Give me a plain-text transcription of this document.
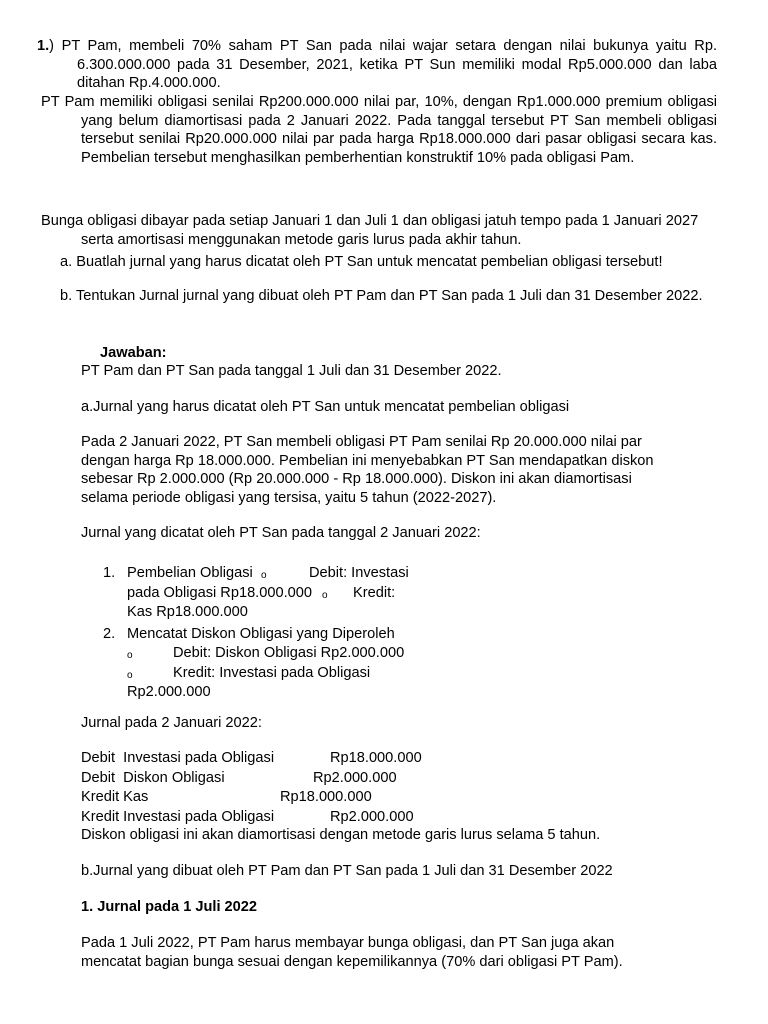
1.) PT Pam, membeli 70% saham PT San pada nilai wajar setara dengan nilai bukunya yaitu Rp. 6.300.000.000 pada 31 Desember, 2021, ketika PT Sun memiliki modal Rp5.000.000 dan laba ditahan Rp.4.000.000.

PT Pam memiliki obligasi senilai Rp200.000.000 nilai par, 10%, dengan Rp1.000.000 premium obligasi yang belum diamortisasi pada 2 Januari 2022. Pada tanggal tersebut PT San membeli obligasi tersebut senilai Rp20.000.000 nilai par pada harga Rp18.000.000 dari pasar obligasi secara kas. Pembelian tersebut menghasilkan pemberhentian konstruktif 10% pada obligasi Pam.

Bunga obligasi dibayar pada setiap Januari 1 dan Juli 1 dan obligasi jatuh tempo pada 1 Januari 2027 serta amortisasi menggunakan metode garis lurus pada akhir tahun.

a. Buatlah jurnal yang harus dicatat oleh PT San untuk mencatat pembelian obligasi tersebut!

b. Tentukan Jurnal jurnal yang dibuat oleh PT Pam dan PT San pada 1 Juli dan 31 Desember 2022.

Jawaban:

PT Pam dan PT San pada tanggal 1 Juli dan 31 Desember 2022.

a.Jurnal yang harus dicatat oleh PT San untuk mencatat pembelian obligasi

Pada 2 Januari 2022, PT San membeli obligasi PT Pam senilai Rp 20.000.000 nilai par dengan harga Rp 18.000.000. Pembelian ini menyebabkan PT San mendapatkan diskon sebesar Rp 2.000.000 (Rp 20.000.000 - Rp 18.000.000). Diskon ini akan diamortisasi selama periode obligasi yang tersisa, yaitu 5 tahun (2022-2027).

Jurnal yang dicatat oleh PT San pada tanggal 2 Januari 2022:

1. Pembelian Obligasi o	Debit: Investasi
pada Obligasi Rp18.000.000 o	Kredit:
Kas Rp18.000.000
2. Mencatat Diskon Obligasi yang Diperoleh
o	Debit: Diskon Obligasi Rp2.000.000
o	Kredit: Investasi pada Obligasi
Rp2.000.000

Jurnal pada 2 Januari 2022:

Debit  Investasi pada Obligasi	Rp18.000.000
Debit  Diskon Obligasi	Rp2.000.000
Kredit Kas	Rp18.000.000
Kredit Investasi pada Obligasi	Rp2.000.000

Diskon obligasi ini akan diamortisasi dengan metode garis lurus selama 5 tahun.

b.Jurnal yang dibuat oleh PT Pam dan PT San pada 1 Juli dan 31 Desember 2022

1. Jurnal pada 1 Juli 2022

Pada 1 Juli 2022, PT Pam harus membayar bunga obligasi, dan PT San juga akan mencatat bagian bunga sesuai dengan kepemilikannya (70% dari obligasi PT Pam).
